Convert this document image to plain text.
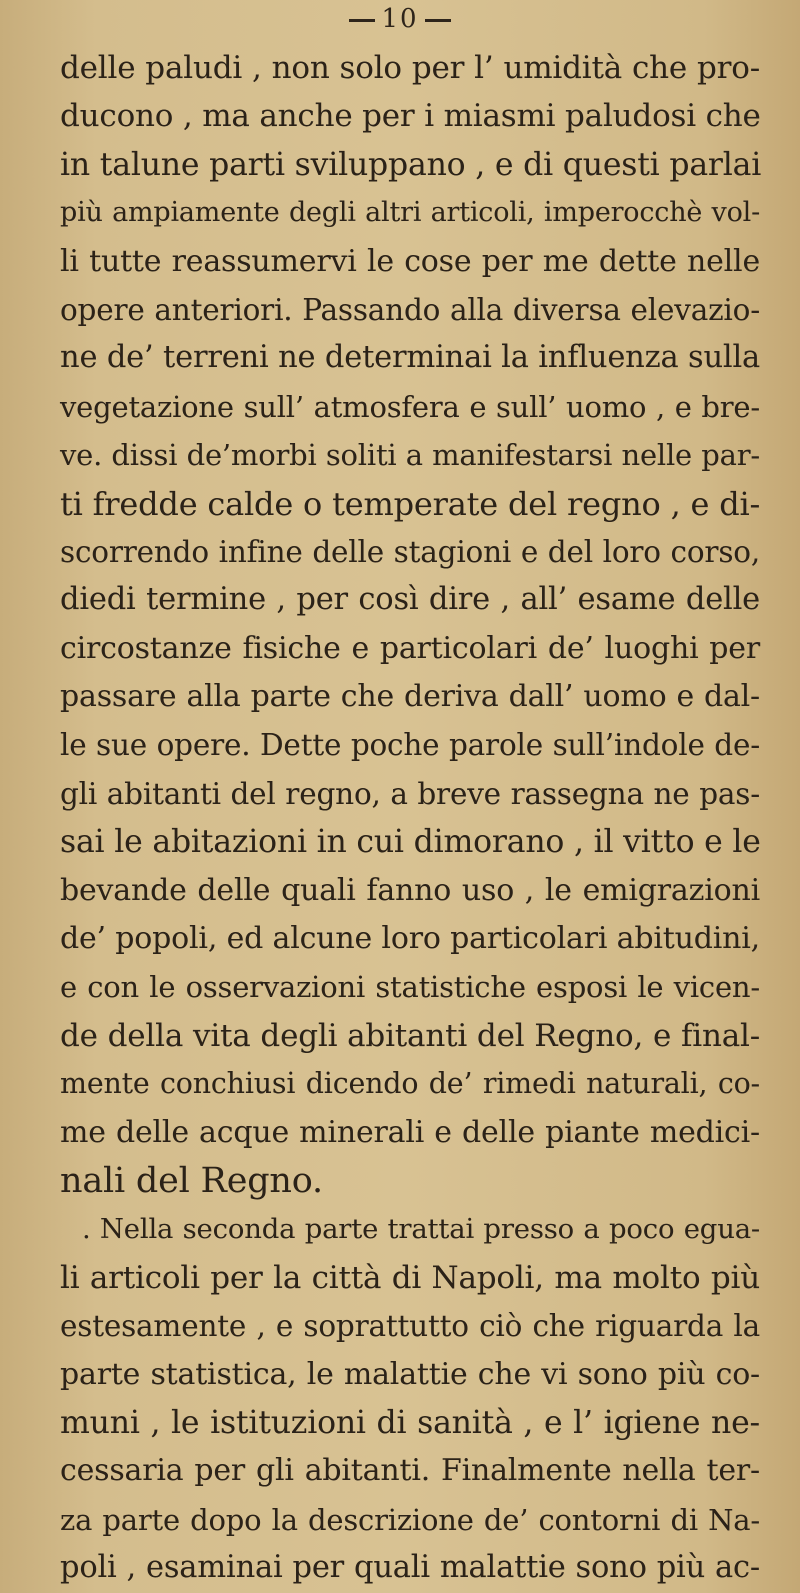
10
delle paludi , non solo per l’ umidità che pro-
ducono , ma anche per i miasmi paludosi che
in talune parti sviluppano , e di questi parlai
più ampiamente degli altri articoli, imperocchè vol-
li tutte reassumervi le cose per me dette nelle
opere anteriori. Passando alla diversa elevazio-
ne de’ terreni ne determinai la influenza sulla
vegetazione sull’ atmosfera e sull’ uomo , e bre-
ve. dissi de’morbi soliti a manifestarsi nelle par-
ti fredde calde o temperate del regno , e di-
scorrendo infine delle stagioni e del loro corso,
diedi termine , per così dire , all’ esame delle
circostanze fisiche e particolari de’ luoghi per
passare alla parte che deriva dall’ uomo e dal-
le sue opere. Dette poche parole sull’indole de-
gli abitanti del regno, a breve rassegna ne pas-
sai le abitazioni in cui dimorano , il vitto e le
bevande delle quali fanno uso , le emigrazioni
de’ popoli, ed alcune loro particolari abitudini,
e con le osservazioni statistiche esposi le vicen-
de della vita degli abitanti del Regno, e final-
mente conchiusi dicendo de’ rimedi naturali, co-
me delle acque minerali e delle piante medici-
nali del Regno.
. Nella seconda parte trattai presso a poco egua-
li articoli per la città di Napoli, ma molto più
estesamente , e soprattutto ciò che riguarda la
parte statistica, le malattie che vi sono più co-
muni , le istituzioni di sanità , e l’ igiene ne-
cessaria per gli abitanti. Finalmente nella ter-
za parte dopo la descrizione de’ contorni di Na-
poli , esaminai per quali malattie sono più ac-
